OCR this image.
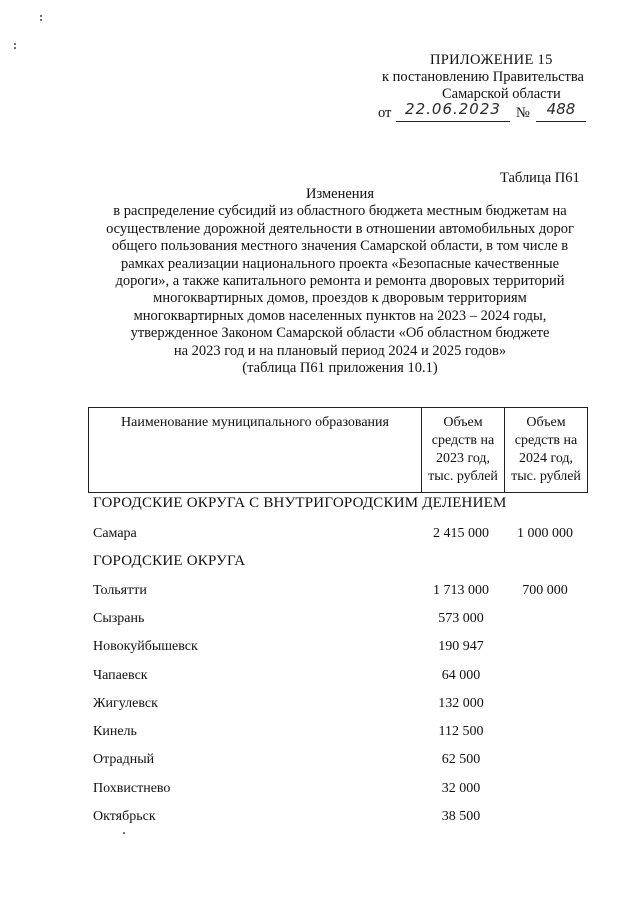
ПРИЛОЖЕНИЕ 15
к постановлению Правительства
Самарской области
от 22.06.2023	№	488
Таблица П61
Изменения
в распределение субсидий из областного бюджета местным бюджетам на
осуществление дорожной деятельности в отношении автомобильных дорог
общего пользования местного значения Самарской области, в том числе в
рамках реализации национального проекта «Безопасные качественные
дороги», а также капитального ремонта и ремонта дворовых территорий
многоквартирных домов, проездов к дворовым территориям
многоквартирных домов населенных пунктов на 2023 – 2024 годы,
утвержденное Законом Самарской области «Об областном бюджете
на 2023 год и на плановый период 2024 и 2025 годов»
(таблица П61 приложения 10.1)
Наименование муниципального образования	Объем
средств на
2023 год,
тыс. рублей

Объем
средств на
2024 год,
тыс. рублей
ГОРОДСКИЕ ОКРУГА С ВНУТРИГОРОДСКИМ ДЕЛЕНИЕМ
Самара	2 415 000	1 000 000
ГОРОДСКИЕ ОКРУГА
Тольятти	1 713 000	700 000
Сызрань	573 000
Новокуйбышевск	190 947
Чапаевск	64 000
Жигулевск	132 000
Кинель	112 500
Отрадный	62 500
Похвистнево	32 000
Октябрьск	38 500
